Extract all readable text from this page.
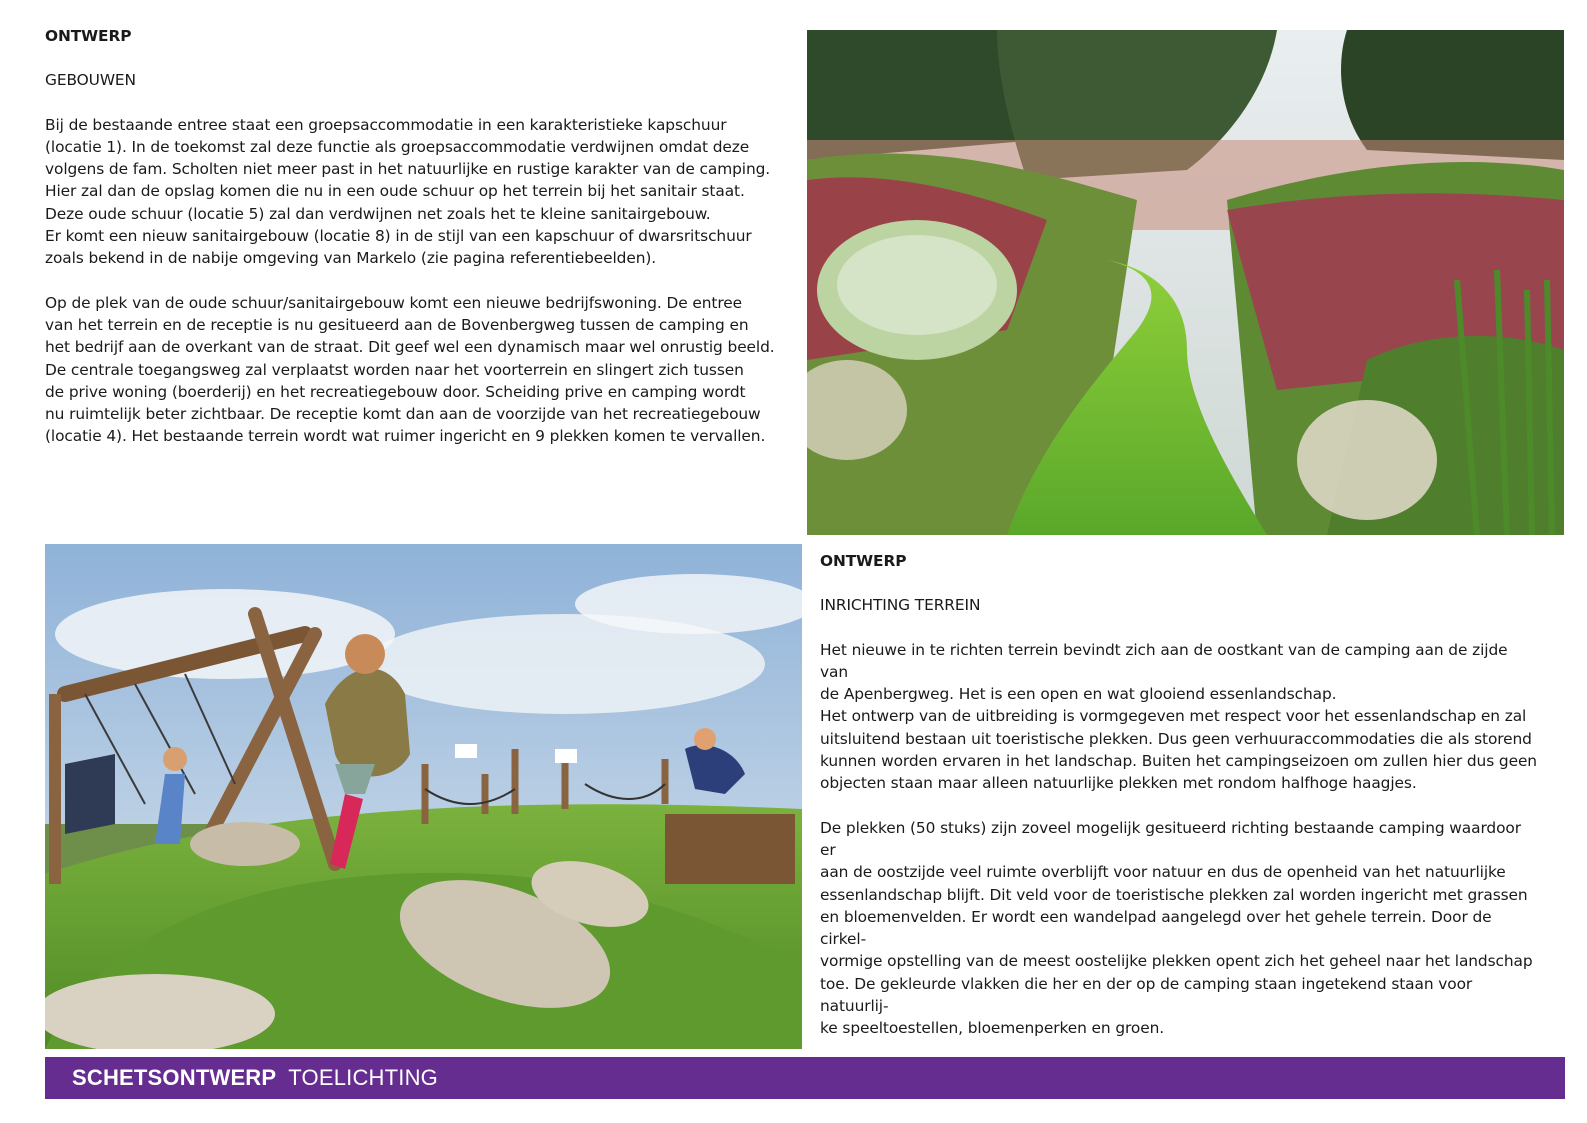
ONTWERP
GEBOUWEN

Bij de bestaande entree staat een groepsaccommodatie in een karakteristieke kapschuur
(locatie 1). In de toekomst zal deze functie als groepsaccommodatie verdwijnen omdat deze
volgens de fam. Scholten niet meer past in het natuurlijke en rustige karakter van de camping.
Hier zal dan de opslag komen die nu in een oude schuur op het terrein bij het sanitair staat.
Deze oude schuur (locatie 5) zal dan verdwijnen net zoals het te kleine sanitairgebouw.
Er komt een nieuw sanitairgebouw (locatie 8) in de stijl van een kapschuur of dwarsritschuur
zoals bekend in de nabije omgeving van Markelo (zie pagina referentiebeelden).

Op de plek van de oude schuur/sanitairgebouw komt een nieuwe bedrijfswoning. De entree
van het terrein en de receptie is nu gesitueerd aan de Bovenbergweg tussen de camping en
het bedrijf aan de overkant van de straat. Dit geef wel een dynamisch maar wel onrustig beeld.
De centrale toegangsweg zal verplaatst worden naar het voorterrein en slingert zich tussen
de prive woning (boerderij) en het recreatiegebouw door. Scheiding prive en camping wordt
nu ruimtelijk beter zichtbaar. De receptie komt dan aan de voorzijde van het recreatiegebouw
(locatie 4). Het bestaande terrein wordt wat ruimer ingericht en 9 plekken komen te vervallen.

ONTWERP
INRICHTING TERREIN

Het nieuwe in te richten terrein bevindt zich aan de oostkant van de camping aan de zijde van
de Apenbergweg. Het is een open en wat glooiend essenlandschap.
Het ontwerp van de uitbreiding is vormgegeven met respect voor het essenlandschap en zal
uitsluitend bestaan uit toeristische plekken. Dus geen verhuuraccommodaties die als storend
kunnen worden ervaren in het landschap. Buiten het campingseizoen om zullen hier dus geen
objecten staan maar alleen natuurlijke plekken met rondom halfhoge haagjes.

De plekken (50 stuks) zijn zoveel mogelijk gesitueerd richting bestaande camping waardoor er
aan de oostzijde veel ruimte overblijft voor natuur en dus de openheid van het natuurlijke
essenlandschap blijft. Dit veld voor de toeristische plekken zal worden ingericht met grassen
en bloemenvelden. Er wordt een wandelpad aangelegd over het gehele terrein. Door de cirkel-
vormige opstelling van de meest oostelijke plekken opent zich het geheel naar het landschap
toe. De gekleurde vlakken die her en der op de camping staan ingetekend staan voor natuurlij-
ke speeltoestellen, bloemenperken en groen.

SCHETSONTWERP TOELICHTING
